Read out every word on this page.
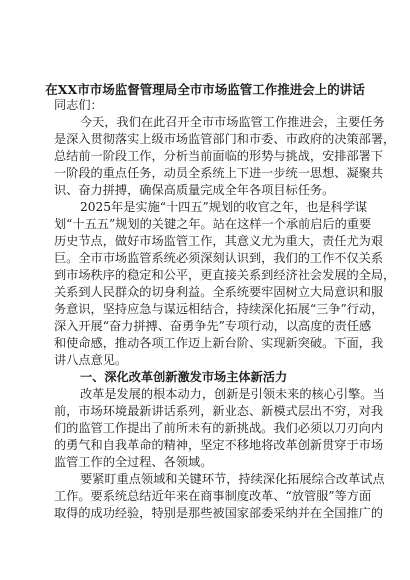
在XX市市场监督管理局全市市场监管工作推进会上的讲话
同志们：
今天，我们在此召开全市市场监管工作推进会，主要任务
是深入贯彻落实上级市场监管部门和市委、市政府的决策部署，
总结前一阶段工作，分析当前面临的形势与挑战，安排部署下
一阶段的重点任务，动员全系统上下进一步统一思想、凝聚共
识、奋力拼搏，确保高质量完成全年各项目标任务。
2025年是实施“十四五”规划的收官之年，也是科学谋
划“十五五”规划的关键之年。站在这样一个承前启后的重要
历史节点，做好市场监管工作，其意义尤为重大，责任尤为艰
巨。全市市场监管系统必须深刻认识到，我们的工作不仅关系
到市场秩序的稳定和公平，更直接关系到经济社会发展的全局，
关系到人民群众的切身利益。全系统要牢固树立大局意识和服
务意识，坚持应急与谋远相结合，持续深化拓展“三争”行动，
深入开展“奋力拼搏、奋勇争先”专项行动，以高度的责任感
和使命感，推动各项工作迈上新台阶、实现新突破。下面，我
讲八点意见。
一、深化改革创新激发市场主体新活力
改革是发展的根本动力，创新是引领未来的核心引擎。当
前，市场环境最新讲话系列，新业态、新模式层出不穷，对我
们的监管工作提出了前所未有的新挑战。我们必须以刀刃向内
的勇气和自我革命的精神，坚定不移地将改革创新贯穿于市场
监管工作的全过程、各领域。
要紧盯重点领域和关键环节，持续深化拓展综合改革试点
工作。要系统总结近年来在商事制度改革、“放管服”等方面
取得的成功经验，特别是那些被国家部委采纳并在全国推广的
